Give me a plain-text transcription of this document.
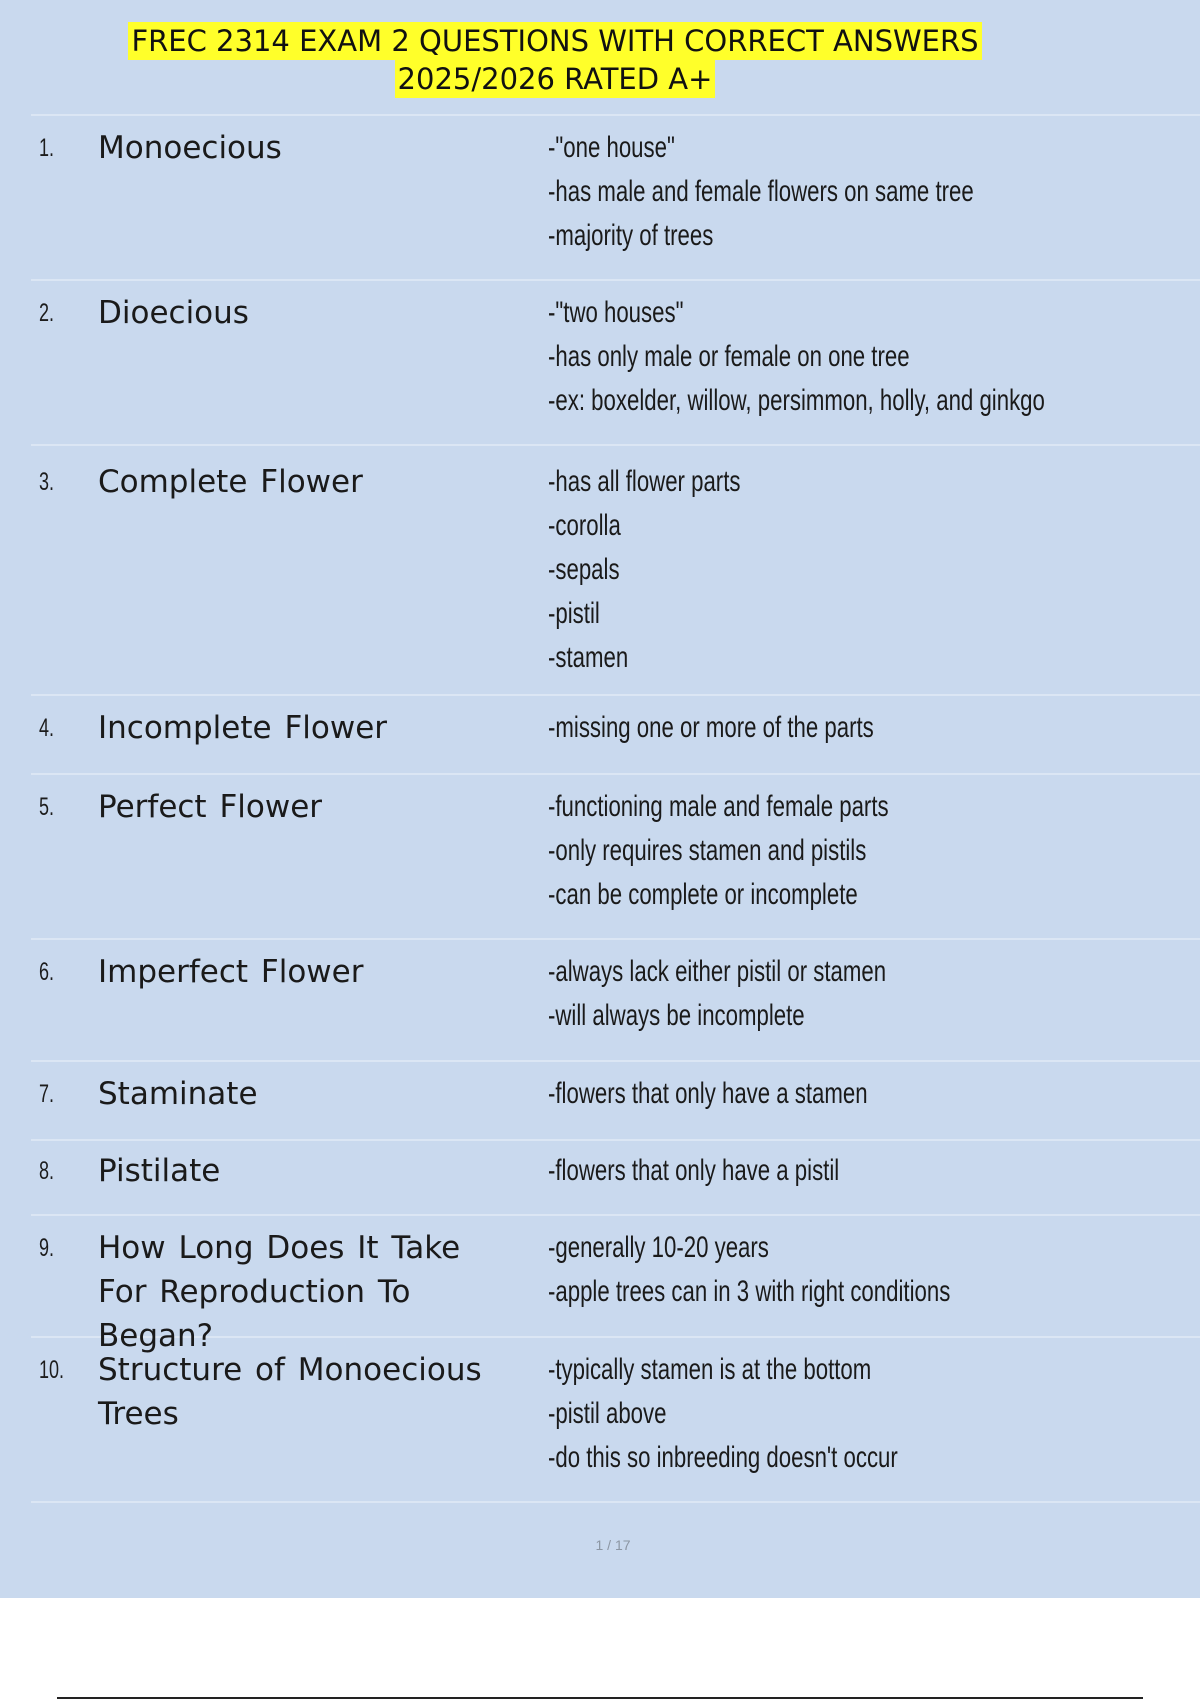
FREC 2314 EXAM 2 QUESTIONS WITH CORRECT ANSWERS
2025/2026 RATED A+
1. Monoecious	-"one house"
-has male and female flowers on same tree
-majority of trees
2. Dioecious	-"two houses"
-has only male or female on one tree
-ex: boxelder, willow, persimmon, holly, and ginkgo
3. Complete Flower	-has all flower parts
-corolla
-sepals
-pistil
-stamen
4. Incomplete Flower	-missing one or more of the parts
5. Perfect Flower	-functioning male and female parts
-only requires stamen and pistils
-can be complete or incomplete
6. Imperfect Flower	-always lack either pistil or stamen
-will always be incomplete
7. Staminate	-flowers that only have a stamen
8. Pistilate	-flowers that only have a pistil
9. How Long Does It Take For Reproduction To Began?
-generally 10-20 years
-apple trees can in 3 with right conditions
10. Structure of Monoecious Trees
-typically stamen is at the bottom
-pistil above
-do this so inbreeding doesn't occur
1 / 17
